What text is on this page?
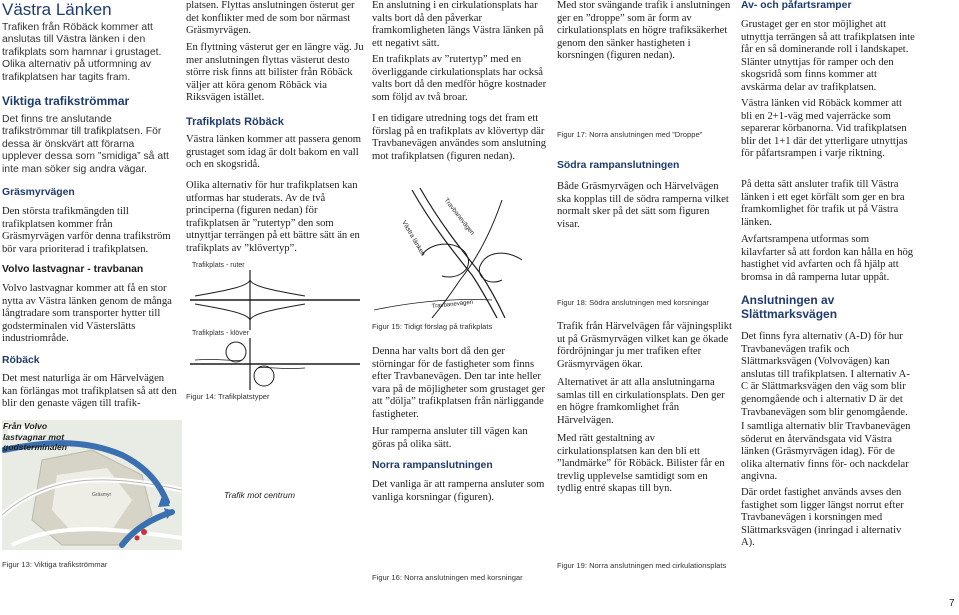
Västra Länken
Trafiken från Röbäck kommer att anslutas till Västra länken i den trafikplats som hamnar i grustaget. Olika alternativ på utformning av trafikplatsen har tagits fram.
Viktiga trafikströmmar
Det finns tre anslutande trafikströmmar till trafikplatsen. För dessa är önskvärt att förarna upplever dessa som ”smidiga” så att inte man söker sig andra vägar.
Gräsmyrvägen
Den största trafikmängden till trafikplatsen kommer från Gräsmyrvägen varför denna trafikström bör vara prioriterad i trafikplatsen.
Volvo lastvagnar - travbanan
Volvo lastvagnar kommer att få en stor nytta av Västra länken genom de många långtradare som transporter hytter till godsterminalen vid Västerslätts industriområde.
Röbäck
Det mest naturliga är om Härvelvägen kan förlängas mot trafikplatsen så att den blir den genaste vägen till trafik-
Gräsmyr
Från Volvo lastvagnar mot godsterminalen
Trafik mot centrum
Figur 13: Viktiga trafikströmmar
platsen. Flyttas anslutningen österut ger det konflikter med de som bor närmast Gräsmyrvägen.
En flyttning västerut ger en längre väg. Ju mer anslutningen flyttas västerut desto större risk finns att bilister från Röbäck väljer att köra genom Röbäck via Riksvägen istället.
Trafikplats Röbäck
Västra länken kommer att passera genom grustaget som idag är dolt bakom en vall och en skogsridå.
Olika alternativ för hur trafikplatsen kan utformas har studerats. Av de två principerna (figuren nedan) för trafikplatsen är ”rutertyp” den som utnyttjar terrängen på ett bättre sätt än en trafikplats av ”klövertyp”.
Trafikplats - ruter
Trafikplats - klöver
Figur 14: Trafikplatstyper
En anslutning i en cirkulationsplats har valts bort då den påverkar framkomligheten längs Västra länken på ett negativt sätt.
En trafikplats av ”rutertyp” med en överliggande cirkulationsplats har också valts bort då den medför högre kostnader som följd av två broar.
I en tidigare utredning togs det fram ett förslag på en trafikplats av klövertyp där Travbanevägen användes som anslutning mot trafikplatsen (figuren nedan).
Västra länken
Travbanevägen
Travbanevägen
Figur 15: Tidigt förslag på trafikplats
Denna har valts bort då den ger störningar för de fastigheter som finns efter Travbanevägen. Den tar inte heller vara på de möjligheter som grustaget ger att ”dölja” trafikplatsen från närliggande fastigheter.
Hur ramperna ansluter till vägen kan göras på olika sätt.
Norra rampanslutningen
Det vanliga är att ramperna ansluter som vanliga korsningar (figuren).
Figur 16: Norra anslutningen med korsningar
Med stor svängande trafik i anslutningen ger en ”droppe” som är form av cirkulationsplats en högre trafiksäkerhet genom den sänker hastigheten i korsningen (figuren nedan).
Figur 17: Norra anslutningen med ”Droppe”
Södra rampanslutningen
Både Gräsmyrvägen och Härvelvägen ska kopplas till de södra ramperna vilket normalt sker på det sätt som figuren visar.
Figur 18: Södra anslutningen med korsningar
Trafik från Härvelvägen får väjningsplikt ut på Gräsmyrvägen vilket kan ge ökade fördröjningar ju mer trafiken efter Gräsmyrvägen ökar.
Alternativet är att alla anslutningarna samlas till en cirkulationsplats. Den ger en högre framkomlighet från Härvelvägen.
Med rätt gestaltning av cirkulationsplatsen kan den bli ett ”landmärke” för Röbäck. Bilister får en trevlig upplevelse samtidigt som en tydlig entré skapas till byn.
Figur 19: Norra anslutningen med cirkulationsplats
Av- och påfartsramper
Grustaget ger en stor möjlighet att utnyttja terrängen så att trafikplatsen inte får en så dominerande roll i landskapet. Slänter utnyttjas för ramper och den skogsridå som finns kommer att avskärma delar av trafikplatsen.
Västra länken vid Röbäck kommer att bli en 2+1-väg med vajerräcke som separerar körbanorna. Vid trafikplatsen blir det 1+1 där det ytterligare utnyttjas för påfartsrampen i varje riktning.
På detta sätt ansluter trafik till Västra länken i ett eget körfält som ger en bra framkomlighet för trafik ut på Västra länken.
Avfartsrampena utformas som kilavfarter så att fordon kan hålla en hög hastighet vid avfarten och få hjälp att bromsa in då ramperna lutar uppåt.
Anslutningen av Slättmarksvägen
Det finns fyra alternativ (A-D) för hur Travbanevägen trafik och Slättmarksvägen (Volvovägen) kan anslutas till trafikplatsen. I alternativ A-C är Slättmarksvägen den väg som blir genomgående och i alternativ D är det Travbanevägen som blir genomgående.
I samtliga alternativ blir Travbanevägen söderut en återvändsgata vid Västra länken (Gräsmyrvägen idag). För de olika alternativ finns för- och nackdelar angivna.
Där ordet fastighet används avses den fastighet som ligger längst norrut efter Travbanevägen i korsningen med Slättmarksvägen (inringad i alternativ A).
7
